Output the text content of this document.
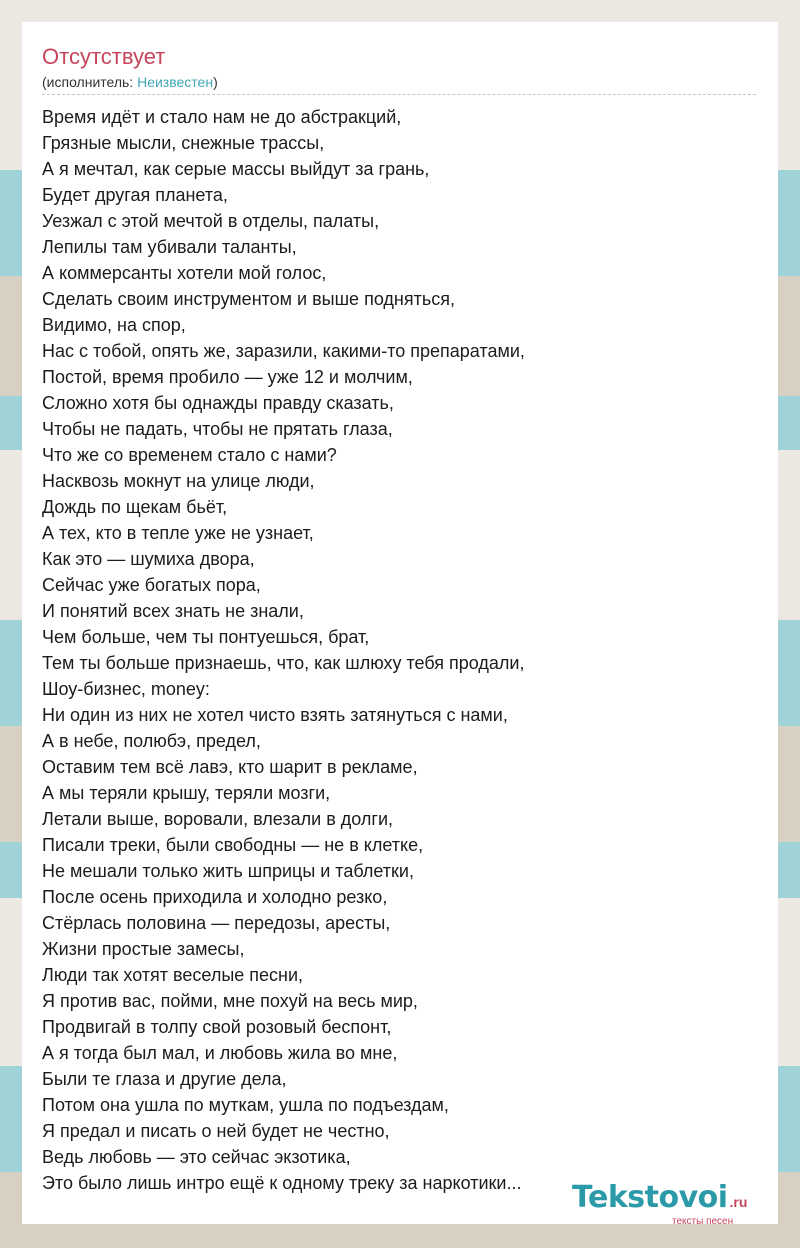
Отсутствует
(исполнитель: Неизвестен)
Время идёт и стало нам не до абстракций,
Грязные мысли, снежные трассы,
А я мечтал, как серые массы выйдут за грань,
Будет другая планета,
Уезжал с этой мечтой в отделы, палаты,
Лепилы там убивали таланты,
А коммерсанты хотели мой голос,
Сделать своим инструментом и выше подняться,
Видимо, на спор,
Нас с тобой, опять же, заразили, какими-то препаратами,
Постой, время пробило — уже 12 и молчим,
Сложно хотя бы однажды правду сказать,
Чтобы не падать, чтобы не прятать глаза,
Что же со временем стало с нами?
Насквозь мокнут на улице люди,
Дождь по щекам бьёт,
А тех, кто в тепле уже не узнает,
Как это — шумиха двора,
Сейчас уже богатых пора,
И понятий всех знать не знали,
Чем больше, чем ты понтуешься, брат,
Тем ты больше признаешь, что, как шлюху тебя продали,
Шоу-бизнес, money:
Ни один из них не хотел чисто взять затянуться с нами,
А в небе, полюбэ, предел,
Оставим тем всё лавэ, кто шарит в рекламе,
А мы теряли крышу, теряли мозги,
Летали выше, воровали, влезали в долги,
Писали треки, были свободны — не в клетке,
Не мешали только жить шприцы и таблетки,
После осень приходила и холодно резко,
Стёрлась половина — передозы, аресты,
Жизни простые замесы,
Люди так хотят веселые песни,
Я против вас, пойми, мне похуй на весь мир,
Продвигай в толпу свой розовый беспонт,
А я тогда был мал, и любовь жила во мне,
Были те глаза и другие дела,
Потом она ушла по мутка‌м, ушла по подъездам,
Я предал и писать о ней будет не честно,
Ведь любовь — это сейчас экзотика,
Это было лишь интро ещё к одному треку за наркотики...	Tekstovoi .ru
тексты песен
